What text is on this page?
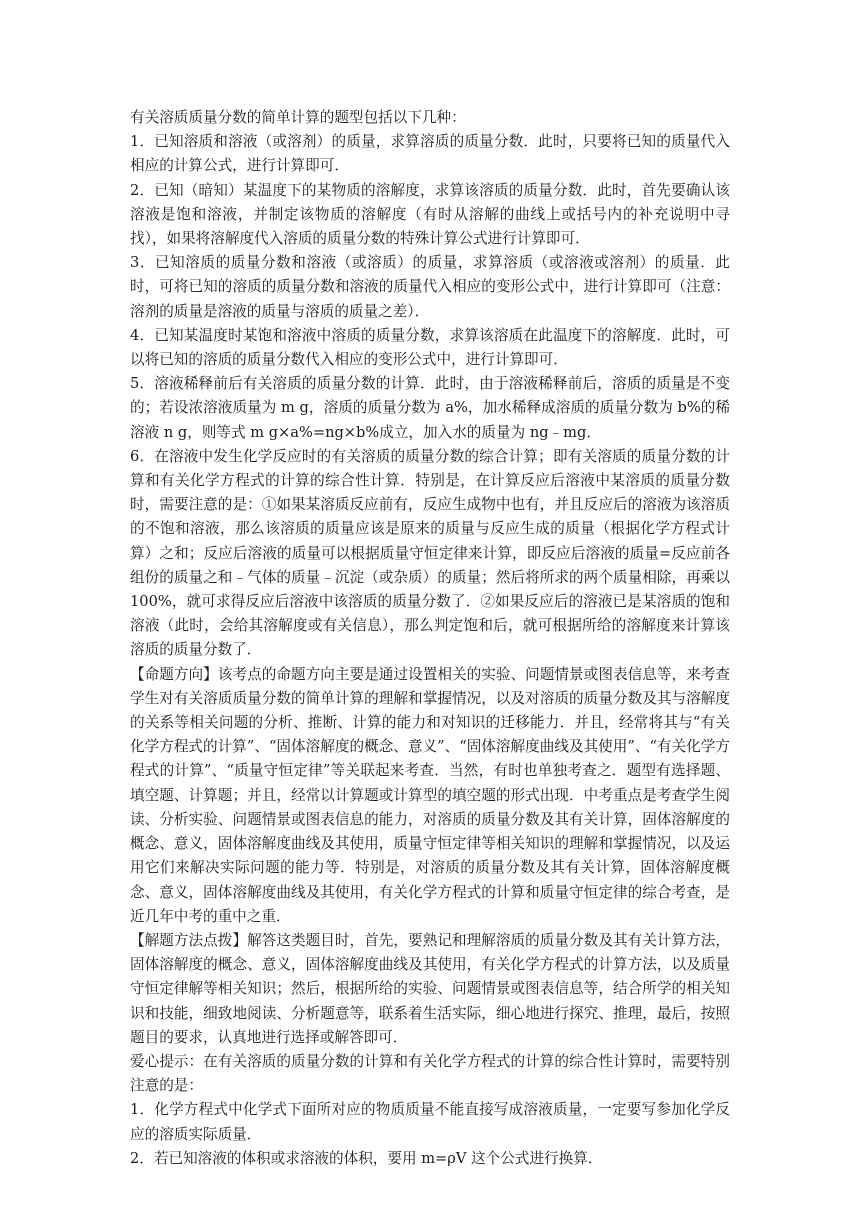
有关溶质质量分数的简单计算的题型包括以下几种：

1．已知溶质和溶液（或溶剂）的质量，求算溶质的质量分数．此时，只要将已知的质量代入相应的计算公式，进行计算即可．

2．已知（暗知）某温度下的某物质的溶解度，求算该溶质的质量分数．此时，首先要确认该溶液是饱和溶液，并制定该物质的溶解度（有时从溶解的曲线上或括号内的补充说明中寻找），如果将溶解度代入溶质的质量分数的特殊计算公式进行计算即可．

3．已知溶质的质量分数和溶液（或溶质）的质量，求算溶质（或溶液或溶剂）的质量．此时，可将已知的溶质的质量分数和溶液的质量代入相应的变形公式中，进行计算即可（注意：溶剂的质量是溶液的质量与溶质的质量之差）．

4．已知某温度时某饱和溶液中溶质的质量分数，求算该溶质在此温度下的溶解度．此时，可以将已知的溶质的质量分数代入相应的变形公式中，进行计算即可．

5．溶液稀释前后有关溶质的质量分数的计算．此时，由于溶液稀释前后，溶质的质量是不变的；若设浓溶液质量为 m g，溶质的质量分数为 a%，加水稀释成溶质的质量分数为 b%的稀溶液 n g，则等式 m g×a%=ng×b%成立，加入水的质量为 ng﹣mg．

6．在溶液中发生化学反应时的有关溶质的质量分数的综合计算；即有关溶质的质量分数的计算和有关化学方程式的计算的综合性计算．特别是，在计算反应后溶液中某溶质的质量分数时，需要注意的是：①如果某溶质反应前有，反应生成物中也有，并且反应后的溶液为该溶质的不饱和溶液，那么该溶质的质量应该是原来的质量与反应生成的质量（根据化学方程式计算）之和；反应后溶液的质量可以根据质量守恒定律来计算，即反应后溶液的质量=反应前各组份的质量之和﹣气体的质量﹣沉淀（或杂质）的质量；然后将所求的两个质量相除，再乘以 100%，就可求得反应后溶液中该溶质的质量分数了．②如果反应后的溶液已是某溶质的饱和溶液（此时，会给其溶解度或有关信息），那么判定饱和后，就可根据所给的溶解度来计算该溶质的质量分数了．

【命题方向】该考点的命题方向主要是通过设置相关的实验、问题情景或图表信息等，来考查学生对有关溶质质量分数的简单计算的理解和掌握情况，以及对溶质的质量分数及其与溶解度的关系等相关问题的分析、推断、计算的能力和对知识的迁移能力．并且，经常将其与“有关化学方程式的计算”、“固体溶解度的概念、意义”、“固体溶解度曲线及其使用”、“有关化学方程式的计算”、“质量守恒定律”等关联起来考查．当然，有时也单独考查之．题型有选择题、填空题、计算题；并且，经常以计算题或计算型的填空题的形式出现．中考重点是考查学生阅读、分析实验、问题情景或图表信息的能力，对溶质的质量分数及其有关计算，固体溶解度的概念、意义，固体溶解度曲线及其使用，质量守恒定律等相关知识的理解和掌握情况，以及运用它们来解决实际问题的能力等．特别是，对溶质的质量分数及其有关计算，固体溶解度概念、意义，固体溶解度曲线及其使用，有关化学方程式的计算和质量守恒定律的综合考查，是近几年中考的重中之重．

【解题方法点拨】解答这类题目时，首先，要熟记和理解溶质的质量分数及其有关计算方法，固体溶解度的概念、意义，固体溶解度曲线及其使用，有关化学方程式的计算方法，以及质量守恒定律解等相关知识；然后，根据所给的实验、问题情景或图表信息等，结合所学的相关知识和技能，细致地阅读、分析题意等，联系着生活实际，细心地进行探究、推理，最后，按照题目的要求，认真地进行选择或解答即可．

爱心提示：在有关溶质的质量分数的计算和有关化学方程式的计算的综合性计算时，需要特别注意的是：

1．化学方程式中化学式下面所对应的物质质量不能直接写成溶液质量，一定要写参加化学反应的溶质实际质量．

2．若已知溶液的体积或求溶液的体积，要用 m=ρV 这个公式进行换算．
